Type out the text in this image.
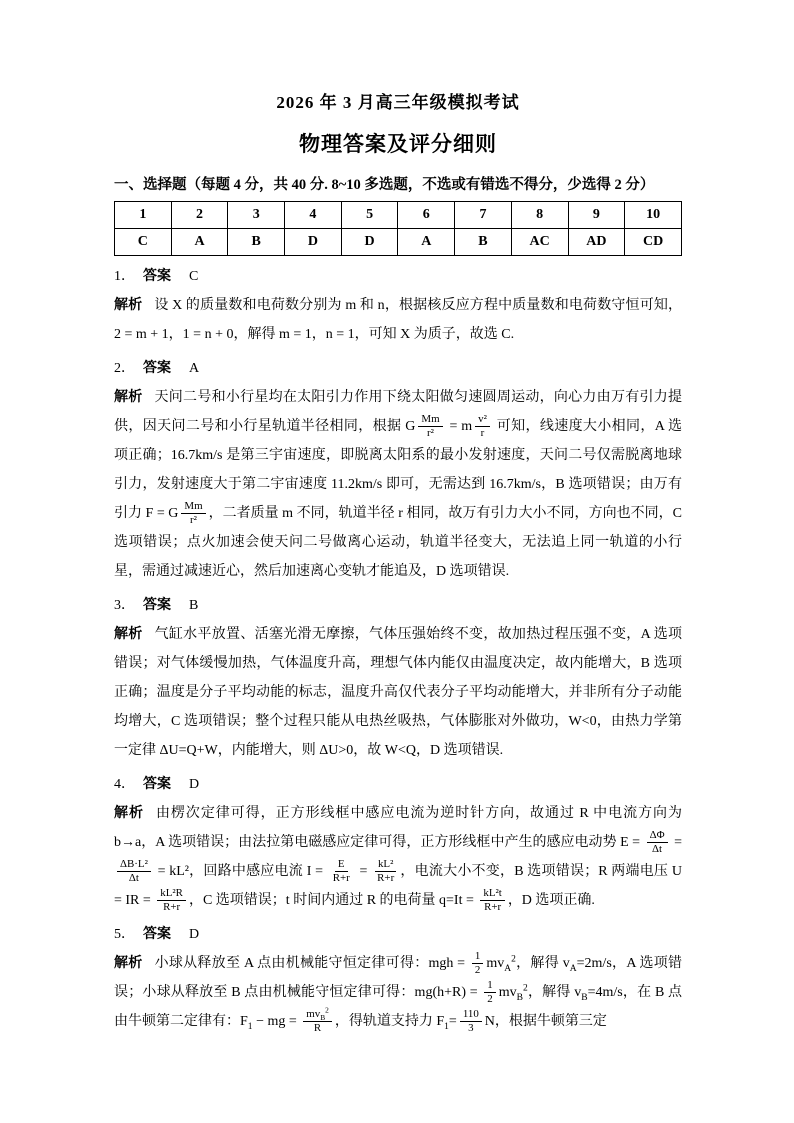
2026 年 3 月高三年级模拟考试
物理答案及评分细则

一、选择题（每题 4 分，共 40 分. 8~10 多选题，不选或有错选不得分，少选得 2 分）

1	2	3	4	5	6	7	8	9	10
C	A	B	D	D	A	B	AC	AD	CD

1． 答案 C

解析 设 X 的质量数和电荷数分别为 m 和 n，根据核反应方程中质量数和电荷数守恒可知，2 = m + 1，1 = n + 0，解得 m = 1，n = 1，可知 X 为质子，故选 C.

2． 答案 A

解析 天问二号和小行星均在太阳引力作用下绕太阳做匀速圆周运动，向心力由万有引力提供，因天问二号和小行星轨道半径相同，根据 G $\frac{Mm}{\text{r²}} = m \frac{\text{v²}}{r}$ 可知，线速度大小相同，A 选项正确；16.7km/s 是第三宇宙速度，即脱离太阳系的最小发射速度，天问二号仅需脱离地球引力，发射速度大于第二宇宙速度 11.2km/s 即可，无需达到 16.7km/s，B 选项错误；由万有引力 F = G $\frac{Mm}{\text{r²}}$ ，二者质量 m 不同，轨道半径 r 相同，故万有引力大小不同，方向也不同，C 选项错误；点火加速会使天问二号做离心运动，轨道半径变大，无法追上同一轨道的小行星，需通过减速近心，然后加速离心变轨才能追及，D 选项错误.

3． 答案 B

解析 气缸水平放置、活塞光滑无摩擦，气体压强始终不变，故加热过程压强不变，A 选项错误；对气体缓慢加热，气体温度升高，理想气体内能仅由温度决定，故内能增大，B 选项正确；温度是分子平均动能的标志，温度升高仅代表分子平均动能增大，并非所有分子动能均增大，C 选项错误；整个过程只能从电热丝吸热，气体膨胀对外做功，W<0，由热力学第一定律 ΔU=Q+W，内能增大，则 ΔU>0，故 W<Q，D 选项错误.

4． 答案 D

解析 由楞次定律可得，正方形线框中感应电流为逆时针方向，故通过 R 中电流方向为 b→a，A 选项错误；由法拉第电磁感应定律可得，正方形线框中产生的感应电动势 $E = \frac{\Delta\Phi}{\Delta t}$ =
$\frac{\text{ΔB·L²}}{\Delta t} = kL^2$，回路中感应电流 $I = \frac{E}{R+r} = \frac{\text{kL²}}{R+r}$ ，电流大小不变，B 选项错误；R 两端电压 U = IR = $\frac{\text{kL²R}}{R+r}$ ，C 选项错误；t 时间内通过 R 的电荷量 $q=It = \frac{\text{kL²t}}{R+r}$ ，D 选项正确.

5． 答案 D

解析 小球从释放至 A 点由机械能守恒定律可得：mgh = $\frac{1}{2} mv_A^2$，解得 $v_A=2m/s$，A 选项错误；小球从释放至 B 点由机械能守恒定律可得：$mg(h+R) = \frac{1}{2} mv_B^2$，解得 $v_B=4m/s$，在 B 点由牛顿第二定律有：$F_1$ − mg = $\frac{mv_B^2}{R}$ ，得轨道支持力 $F_1= \frac{110}{3}$ N，根据牛顿第三定
